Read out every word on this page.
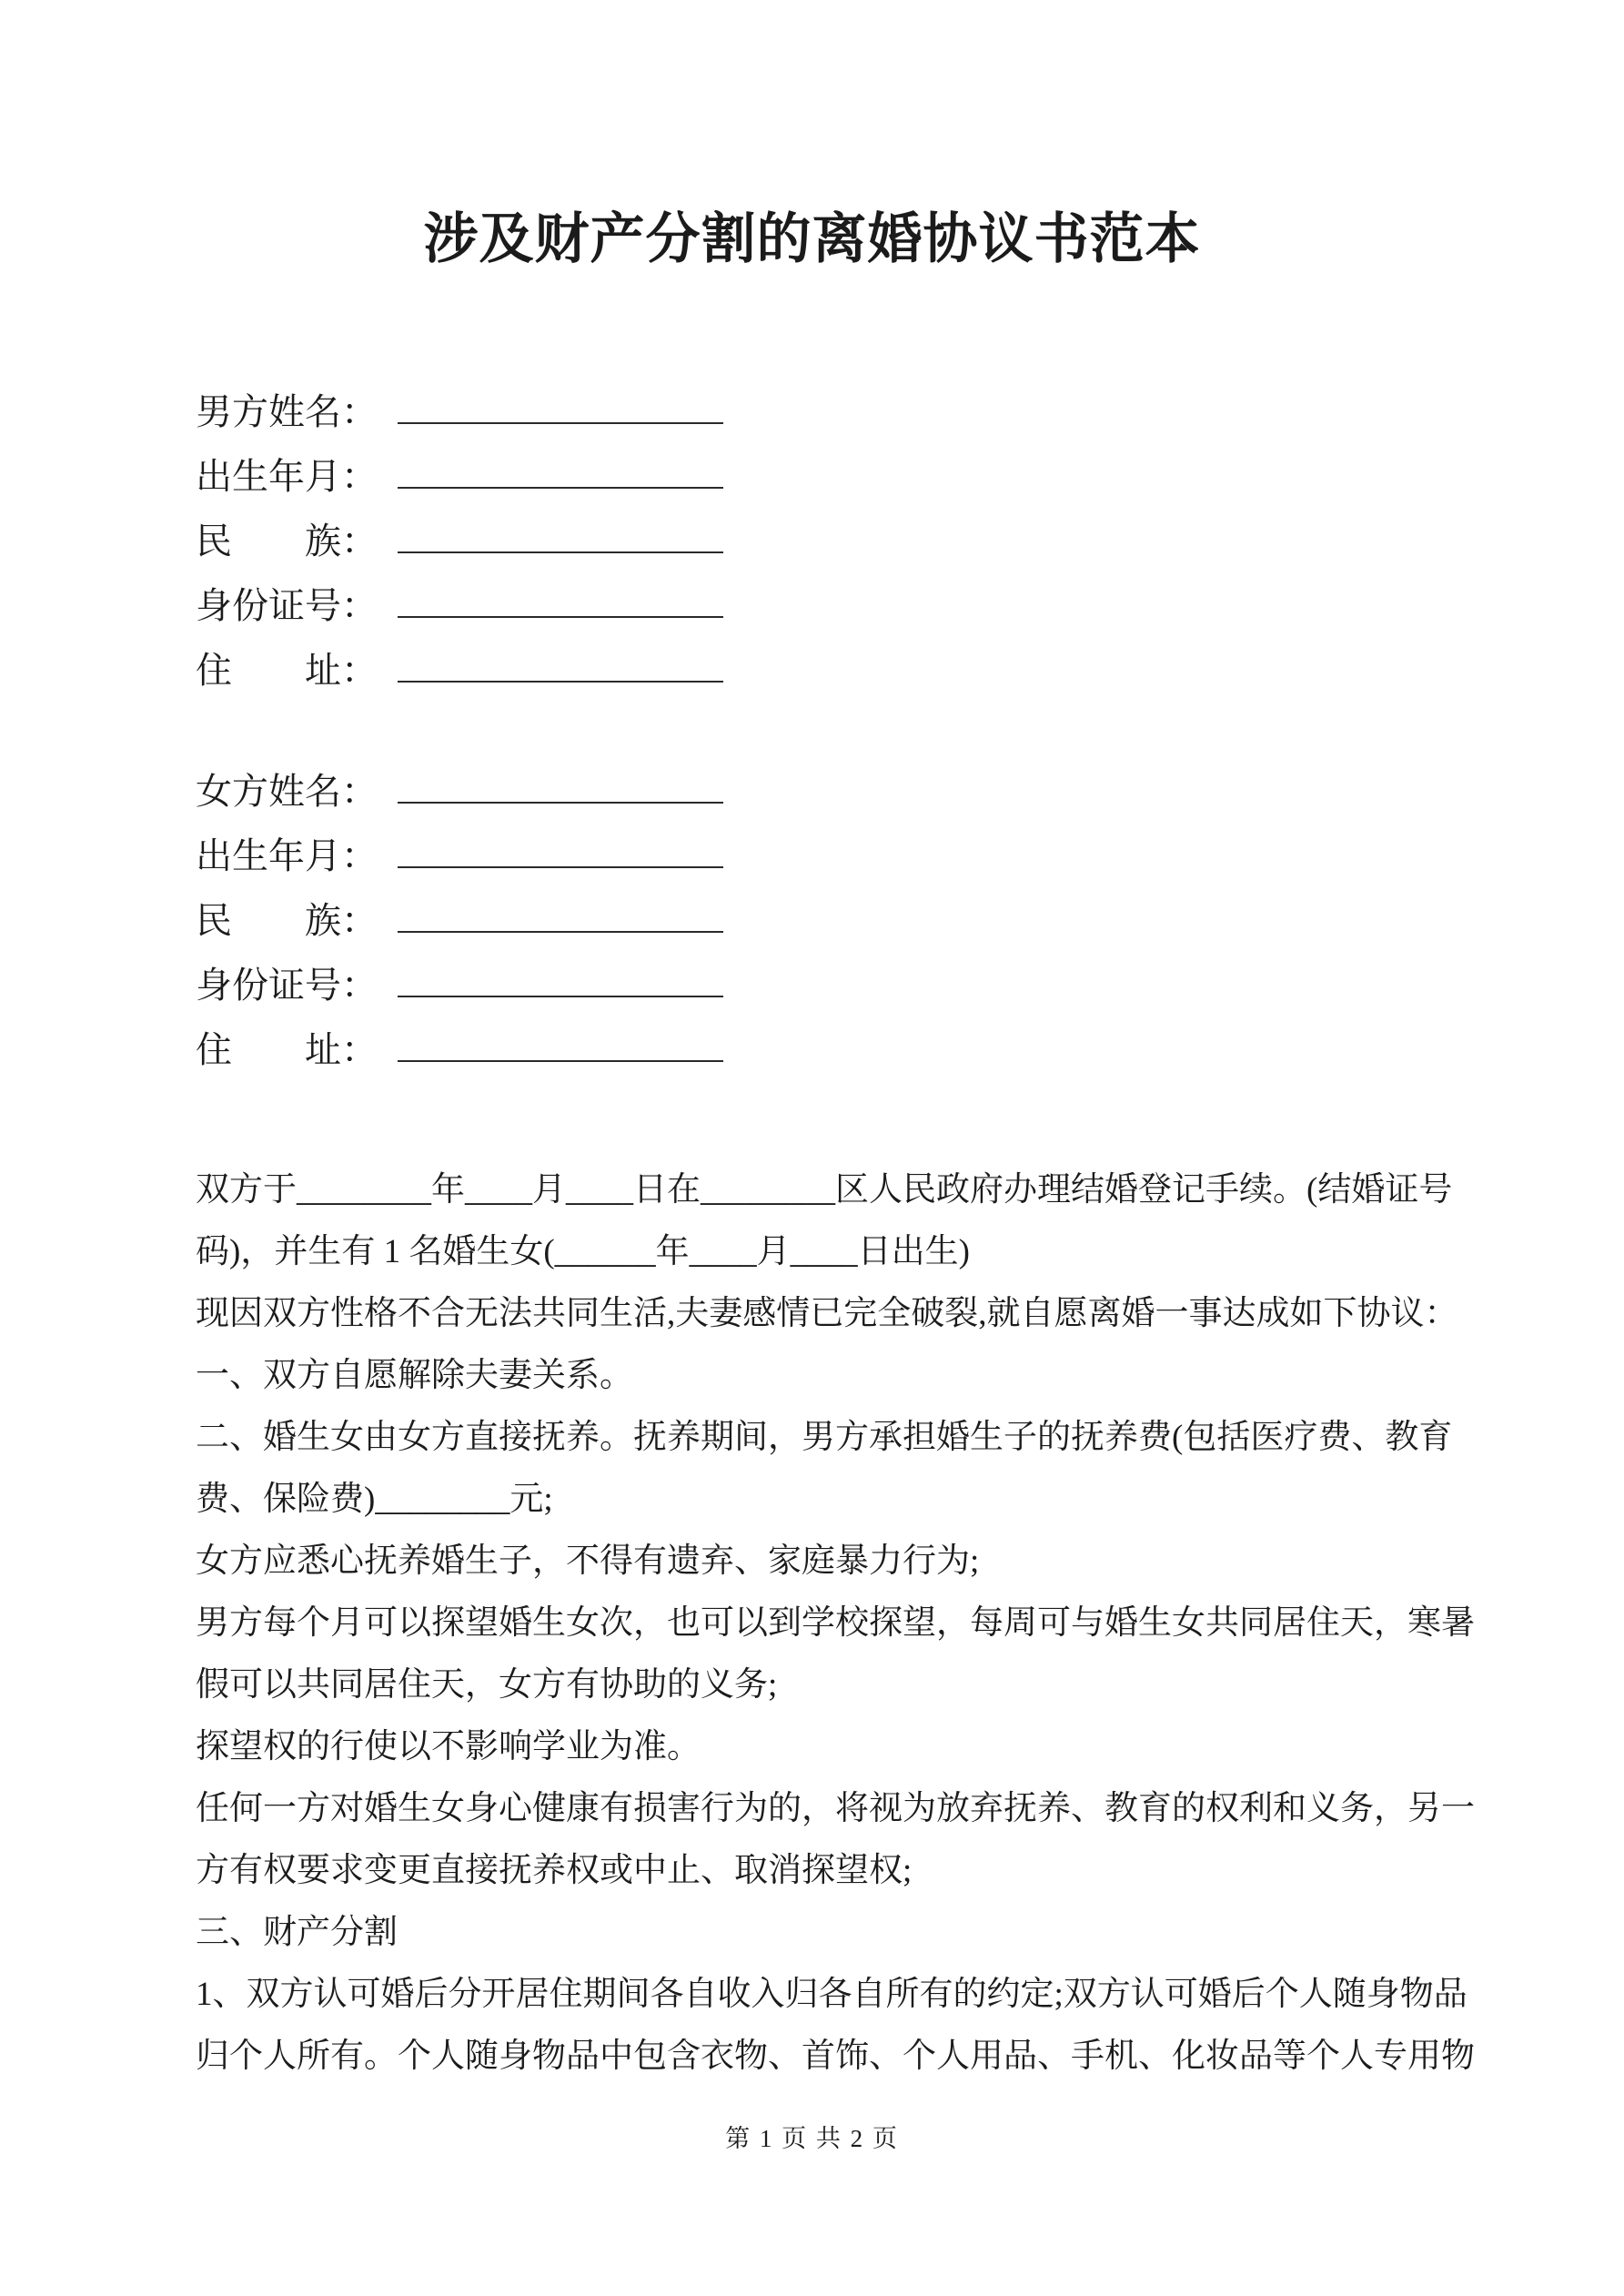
涉及财产分割的离婚协议书范本
男方姓名：
出生年月：
民　　族：
身份证号：
住　　址：
女方姓名：
出生年月：
民　　族：
身份证号：
住　　址：

双方于________年____月____日在________区人民政府办理结婚登记手续。(结婚证号

码)，并生有 1 名婚生女(______年____月____日出生)

现因双方性格不合无法共同生活,夫妻感情已完全破裂,就自愿离婚一事达成如下协议：

一、双方自愿解除夫妻关系。

二、婚生女由女方直接抚养。抚养期间，男方承担婚生子的抚养费(包括医疗费、教育

费、保险费)________元;

女方应悉心抚养婚生子，不得有遗弃、家庭暴力行为;

男方每个月可以探望婚生女次，也可以到学校探望，每周可与婚生女共同居住天，寒暑

假可以共同居住天，女方有协助的义务;

探望权的行使以不影响学业为准。

任何一方对婚生女身心健康有损害行为的，将视为放弃抚养、教育的权利和义务，另一

方有权要求变更直接抚养权或中止、取消探望权;

三、财产分割

1、双方认可婚后分开居住期间各自收入归各自所有的约定;双方认可婚后个人随身物品

归个人所有。个人随身物品中包含衣物、首饰、个人用品、手机、化妆品等个人专用物

第 1 页 共 2 页
